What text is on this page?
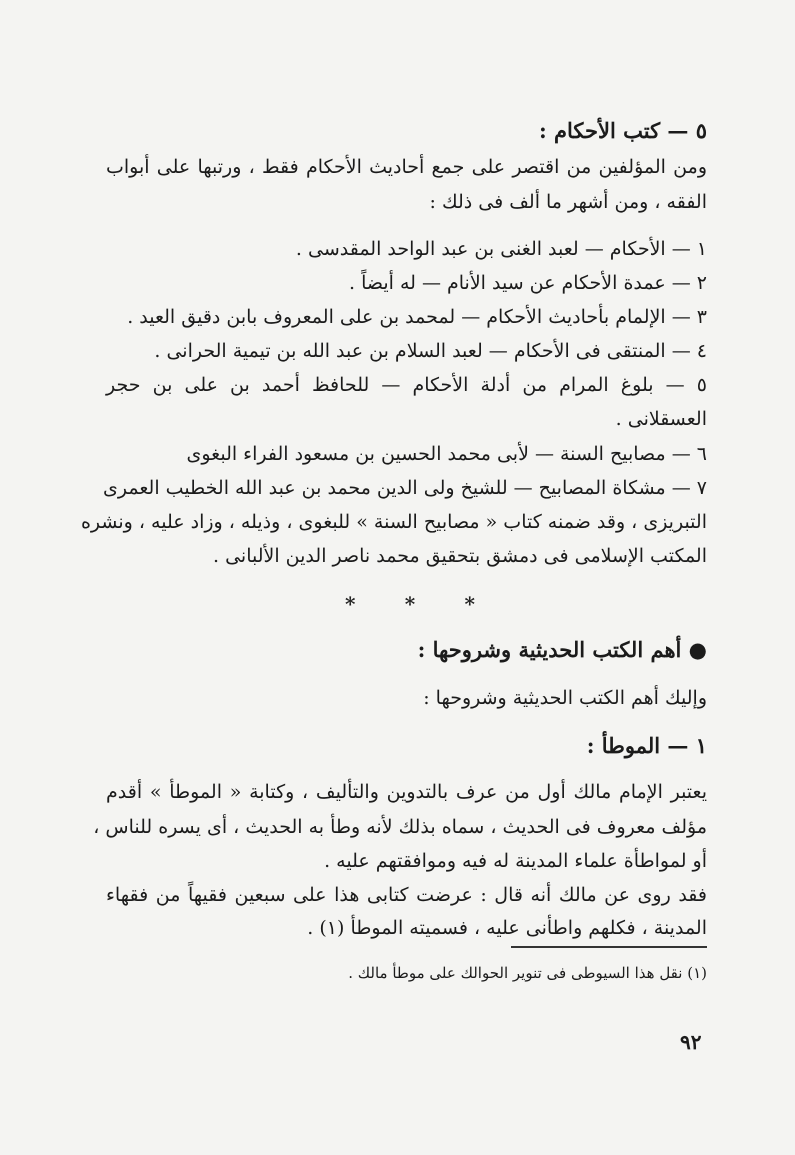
٥ — كتب الأحكام :
ومن المؤلفين من اقتصر على جمع أحاديث الأحكام فقط ، ورتبها على أبواب
الفقه ، ومن أشهر ما ألف فى ذلك :
١ — الأحكام — لعبد الغنى بن عبد الواحد المقدسى .
٢ — عمدة الأحكام عن سيد الأنام — له أيضاً .
٣ — الإلمام بأحاديث الأحكام — لمحمد بن على المعروف بابن دقيق العيد .
٤ — المنتقى فى الأحكام — لعبد السلام بن عبد الله بن تيمية الحرانى .
٥ — بلوغ المرام من أدلة الأحكام — للحافظ أحمد بن على بن حجر
العسقلانى .
٦ — مصابيح السنة — لأبى محمد الحسين بن مسعود الفراء البغوى
٧ — مشكاة المصابيح — للشيخ ولى الدين محمد بن عبد الله الخطيب العمرى
التبريزى ، وقد ضمنه كتاب « مصابيح السنة » للبغوى ، وذيله ، وزاد عليه ، ونشره
المكتب الإسلامى فى دمشق بتحقيق محمد ناصر الدين الألبانى .
* * *
● أهم الكتب الحديثية وشروحها :
وإليك أهم الكتب الحديثية وشروحها :
١ — الموطأ :
يعتبر الإمام مالك أول من عرف بالتدوين والتأليف ، وكتابة « الموطأ » أقدم
مؤلف معروف فى الحديث ، سماه بذلك لأنه وطأ به الحديث ، أى يسره للناس ،
أو لمواطأة علماء المدينة له فيه وموافقتهم عليه .
فقد روى عن مالك أنه قال : عرضت كتابى هذا على سبعين فقيهاً من فقهاء
المدينة ، فكلهم واطأنى عليه ، فسميته الموطأ (١) .
(١) نقل هذا السيوطى فى تنوير الحوالك على موطأ مالك .
٩٢
